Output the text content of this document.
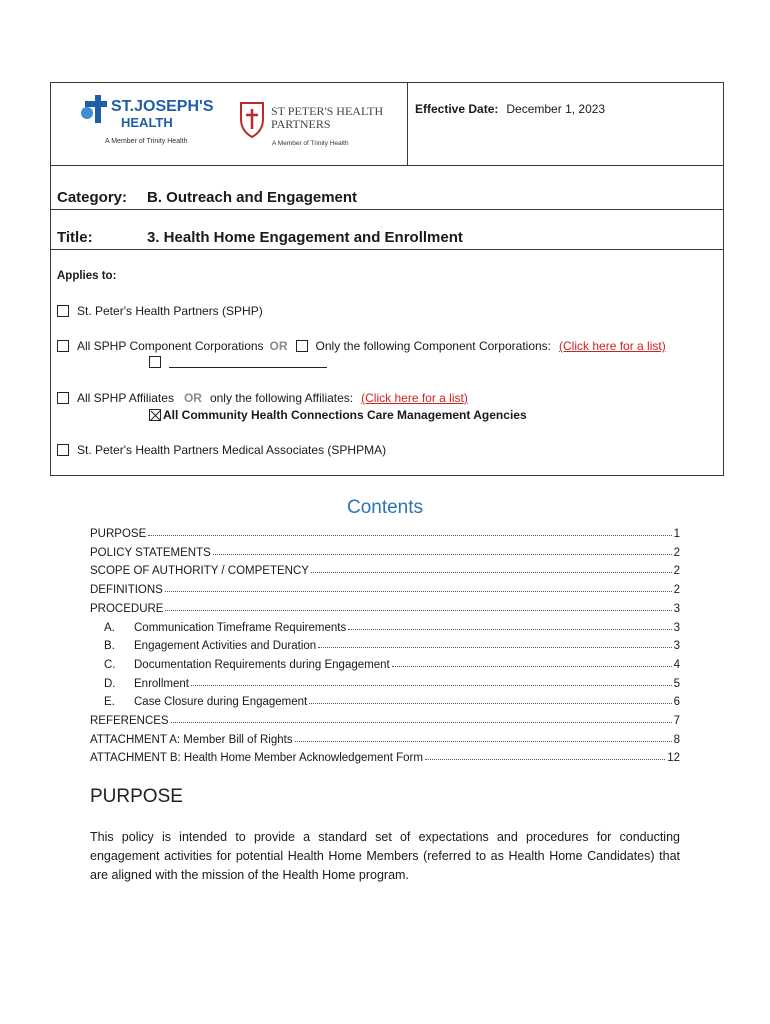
ST.JOSEPH'S
HEALTH
A Member of Trinity Health
ST PETER'S HEALTH
PARTNERS
A Member of Trinity Health
Effective Date: December 1, 2023
Category: B. Outreach and Engagement
Title:	3. Health Home Engagement and Enrollment
Applies to:
St. Peter's Health Partners (SPHP)
All SPHP Component Corporations OR Only the following Component Corporations: (Click here for a list)
All SPHP Affiliates OR only the following Affiliates: (Click here for a list)
All Community Health Connections Care Management Agencies
St. Peter's Health Partners Medical Associates (SPHPMA)
Contents
PURPOSE	1
POLICY STATEMENTS	2
SCOPE OF AUTHORITY / COMPETENCY	2
DEFINITIONS	2
PROCEDURE	3
A.	Communication Timeframe Requirements	3
B.	Engagement Activities and Duration	3
C.	Documentation Requirements during Engagement	4
D.	Enrollment	5
E.	Case Closure during Engagement	6
REFERENCES	7
ATTACHMENT A: Member Bill of Rights	8
ATTACHMENT B: Health Home Member Acknowledgement Form	12
PURPOSE
This policy is intended to provide a standard set of expectations and procedures for conducting engagement activities for potential Health Home Members (referred to as Health Home Candidates) that are aligned with the mission of the Health Home program.
